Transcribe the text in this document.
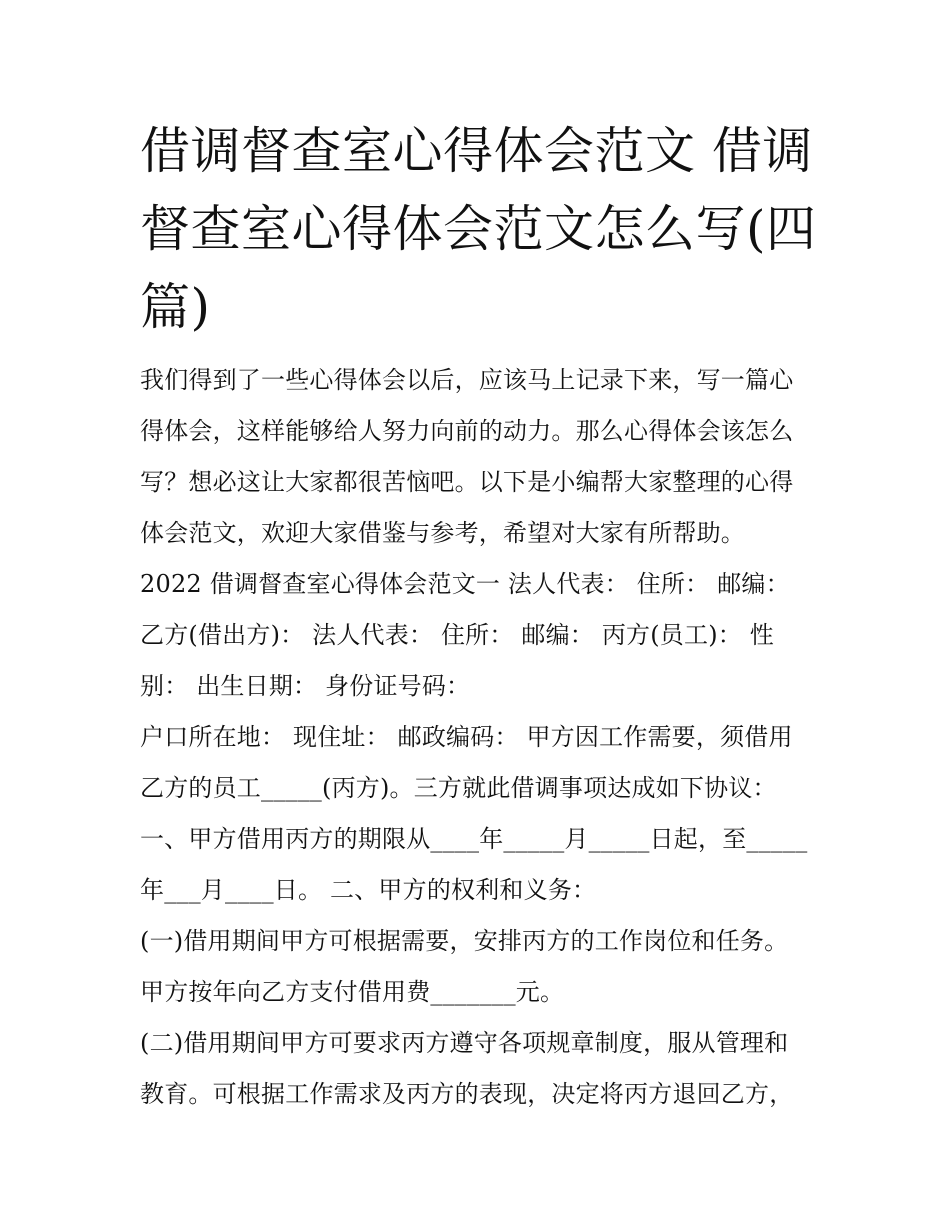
借调督查室心得体会范文 借调督查室心得体会范文怎么写(四篇)
我们得到了一些心得体会以后，应该马上记录下来，写一篇心
得体会，这样能够给人努力向前的动力。那么心得体会该怎么
写？想必这让大家都很苦恼吧。以下是小编帮大家整理的心得
体会范文，欢迎大家借鉴与参考，希望对大家有所帮助。
2022 借调督查室心得体会范文一 法人代表： 住所： 邮编：
乙方(借出方)： 法人代表： 住所： 邮编： 丙方(员工)： 性
别： 出生日期： 身份证号码：
户口所在地： 现住址： 邮政编码： 甲方因工作需要，须借用
乙方的员工_____(丙方)。三方就此借调事项达成如下协议：
一、甲方借用丙方的期限从____年_____月_____日起，至_____
年___月____日。 二、甲方的权利和义务：
(一)借用期间甲方可根据需要，安排丙方的工作岗位和任务。
甲方按年向乙方支付借用费_______元。
(二)借用期间甲方可要求丙方遵守各项规章制度，服从管理和
教育。可根据工作需求及丙方的表现，决定将丙方退回乙方，
